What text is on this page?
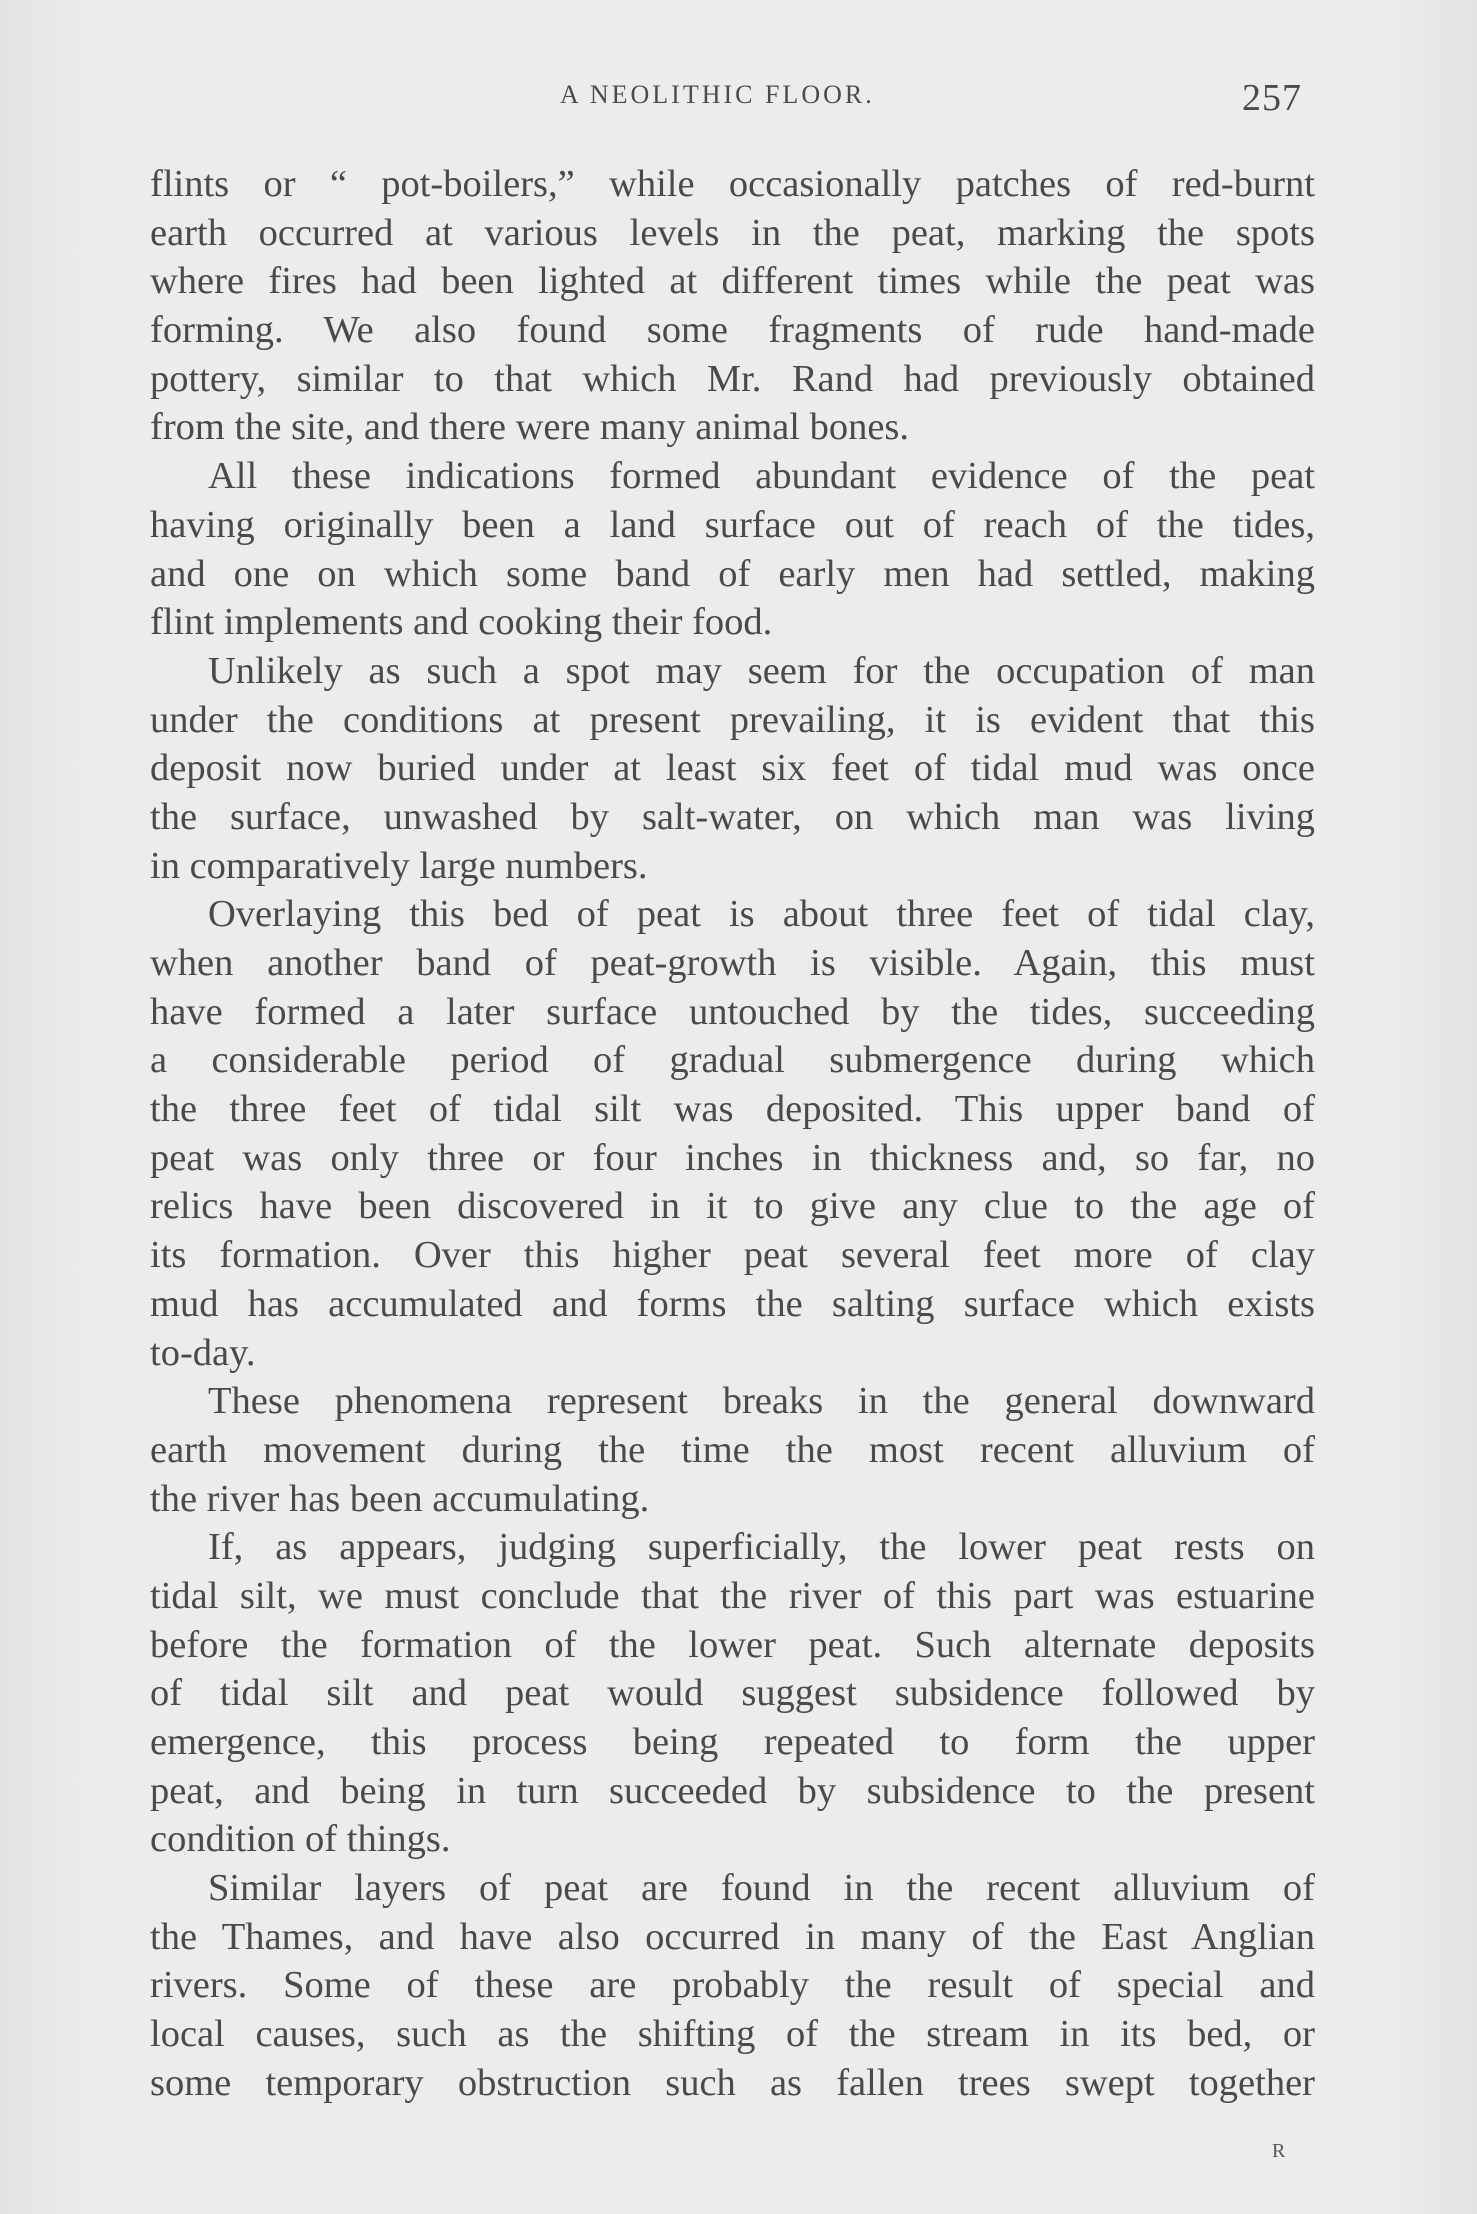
A NEOLITHIC FLOOR.	257
flints or “ pot-boilers,” while occasionally patches of red-burnt
earth occurred at various levels in the peat, marking the spots
where fires had been lighted at different times while the peat was
forming. We also found some fragments of rude hand-made
pottery, similar to that which Mr. Rand had previously obtained
from the site, and there were many animal bones.
All these indications formed abundant evidence of the peat
having originally been a land surface out of reach of the tides,
and one on which some band of early men had settled, making
flint implements and cooking their food.
Unlikely as such a spot may seem for the occupation of man
under the conditions at present prevailing, it is evident that this
deposit now buried under at least six feet of tidal mud was once
the surface, unwashed by salt-water, on which man was living
in comparatively large numbers.
Overlaying this bed of peat is about three feet of tidal clay,
when another band of peat-growth is visible. Again, this must
have formed a later surface untouched by the tides, succeeding
a considerable period of gradual submergence during which
the three feet of tidal silt was deposited. This upper band of
peat was only three or four inches in thickness and, so far, no
relics have been discovered in it to give any clue to the age of
its formation. Over this higher peat several feet more of clay
mud has accumulated and forms the salting surface which exists
to-day.
These phenomena represent breaks in the general downward
earth movement during the time the most recent alluvium of
the river has been accumulating.
If, as appears, judging superficially, the lower peat rests on
tidal silt, we must conclude that the river of this part was estuarine
before the formation of the lower peat. Such alternate deposits
of tidal silt and peat would suggest subsidence followed by
emergence, this process being repeated to form the upper
peat, and being in turn succeeded by subsidence to the present
condition of things.
Similar layers of peat are found in the recent alluvium of
the Thames, and have also occurred in many of the East Anglian
rivers. Some of these are probably the result of special and
local causes, such as the shifting of the stream in its bed, or
some temporary obstruction such as fallen trees swept together
R
